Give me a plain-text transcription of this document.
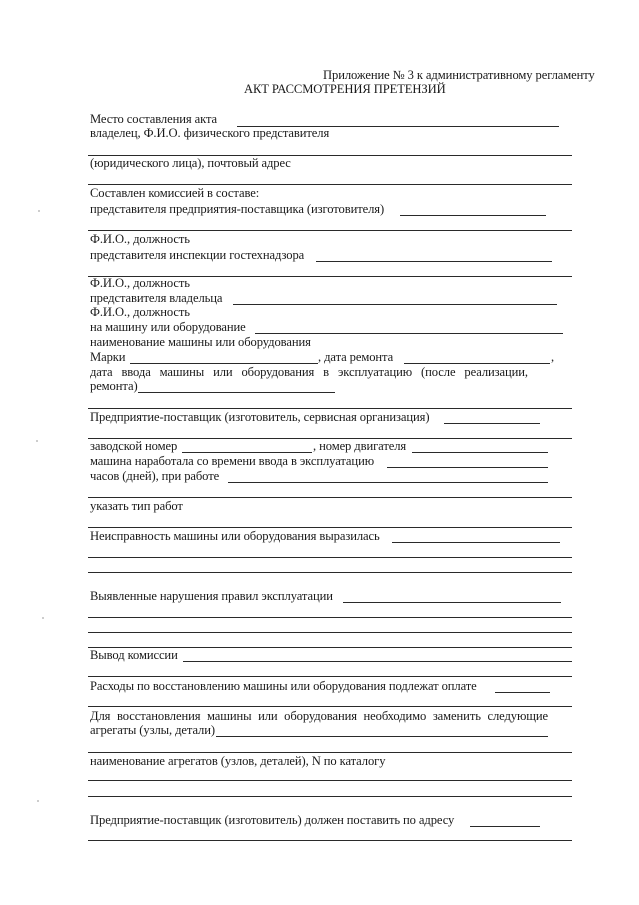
Приложение № 3 к административному регламенту
АКТ РАССМОТРЕНИЯ ПРЕТЕНЗИЙ
Место составления акта
владелец, Ф.И.О. физического представителя
(юридического лица), почтовый адрес
Составлен комиссией в составе:
представителя предприятия-поставщика (изготовителя)
Ф.И.О., должность
представителя инспекции гостехнадзора
Ф.И.О., должность
представителя владельца
Ф.И.О., должность
на машину или оборудование
наименование машины или оборудования
Марки	, дата ремонта	,
дата ввода машины или оборудования в эксплуатацию (после реализации,
ремонта)
Предприятие-поставщик (изготовитель, сервисная организация)
заводской номер	, номер двигателя
машина наработала со времени ввода в эксплуатацию
часов (дней), при работе
указать тип работ
Неисправность машины или оборудования выразилась
Выявленные нарушения правил эксплуатации
Вывод комиссии
Расходы по восстановлению машины или оборудования подлежат оплате
Для восстановления машины или оборудования необходимо заменить следующие
агрегаты (узлы, детали)
наименование агрегатов (узлов, деталей), N по каталогу
Предприятие-поставщик (изготовитель) должен поставить по адресу
